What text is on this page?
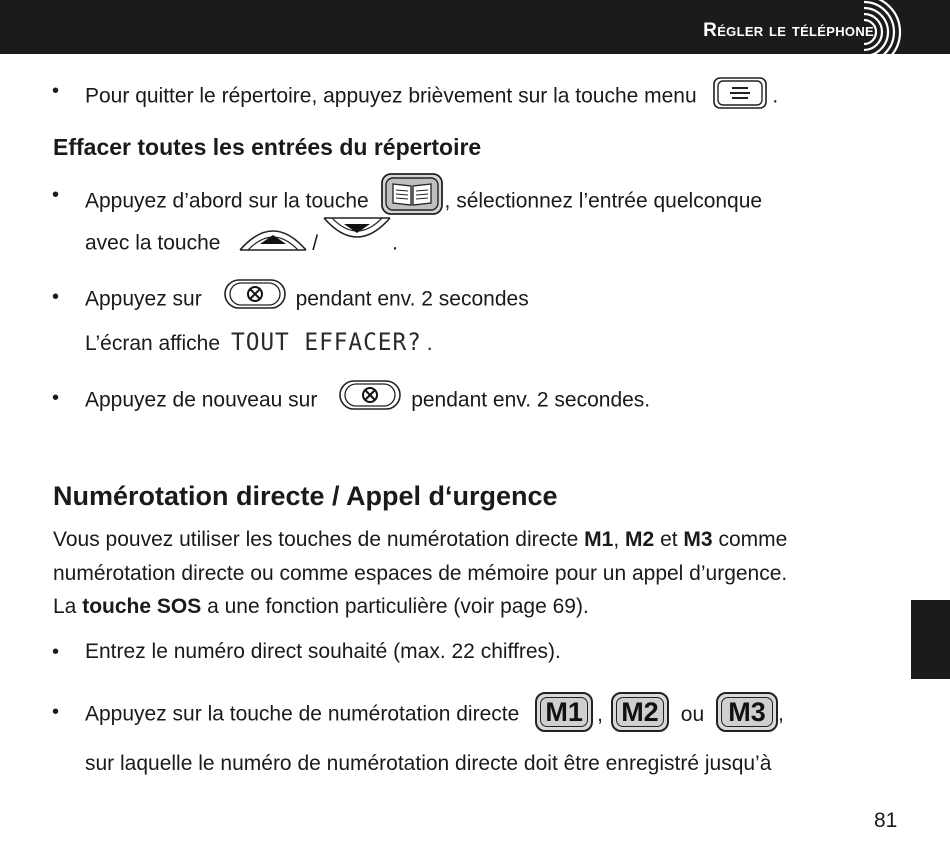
Régler le téléphone
• Pour quitter le répertoire, appuyez brièvement sur la touche menu	.
Effacer toutes les entrées du répertoire
• Appuyez d’abord sur la touche	, sélectionnez l’entrée quelconque
avec la touche	/	.
• Appuyez sur	pendant env. 2 secondes
L’écran affiche TOUT EFFACER? .
• Appuyez de nouveau sur	pendant env. 2 secondes.
Numérotation directe / Appel d‘urgence
Vous pouvez utiliser les touches de numérotation directe M1, M2 et M3 comme
numérotation directe ou comme espaces de mémoire pour un appel d’urgence.
La touche SOS a une fonction particulière (voir page 69).
• Entrez le numéro direct souhaité (max. 22 chiffres).
• Appuyez sur la touche de numérotation directe M1 , M2 ou M3 ,
sur laquelle le numéro de numérotation directe doit être enregistré jusqu’à
81
